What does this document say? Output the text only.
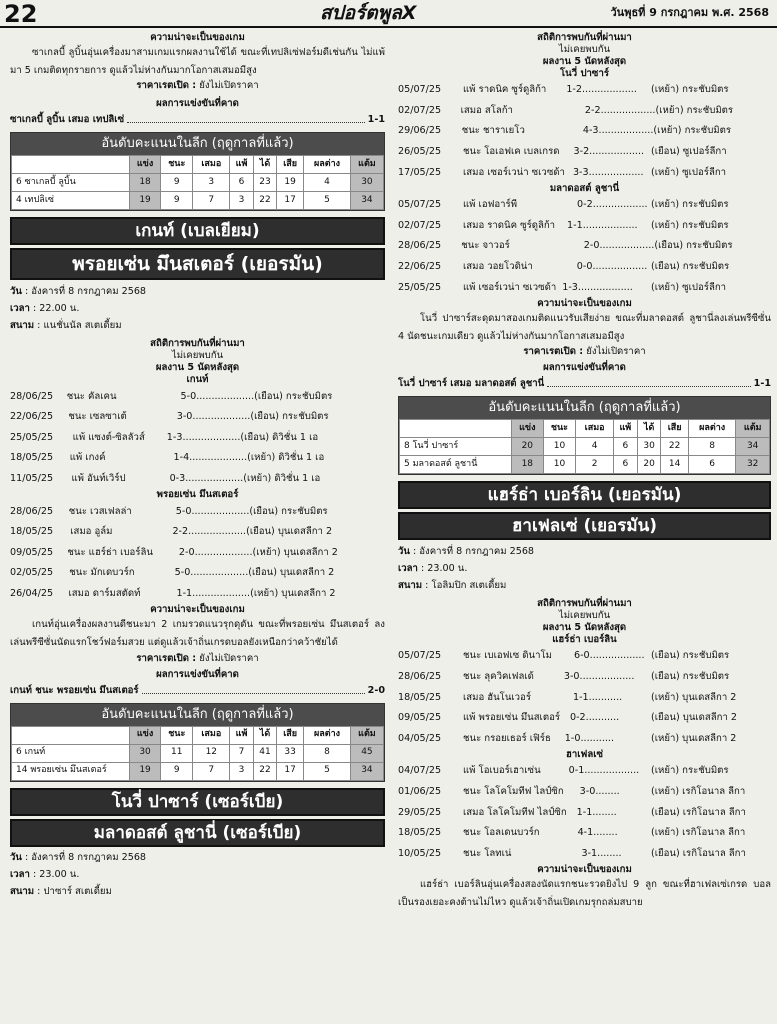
22	สปอร์ตพูลX	วันพุธที่ 9 กรกฎาคม พ.ศ. 2568
ความน่าจะเป็นของเกม
ซาเกลบี้ ลูบิ้นอุ่นเครื่องมาสามเกมแรกผลงานใช้ได้ ขณะที่เทปลิเซ่ฟอร์มดีเช่นกัน ไม่แพ้มา 5 เกมติดทุกรายการ ดูแล้วไม่ห่างกันมากโอกาสเสมอมีสูง
ราคาเรตเปิด : ยังไม่เปิดราคา
ผลการแข่งขันที่คาด
ซาเกลบี้ ลูบิ้น เสมอ เทปลิเซ่	1-1
อันดับคะแนนในลีก (ฤดูกาลที่แล้ว)
	แข่ง	ชนะ	เสมอ	แพ้	ได้	เสีย	ผลต่าง	แต้ม
6 ซาเกลบี้ ลูบิ้น	18	9	3	6	23	19	4	30
4 เทปลิเซ่	19	9	7	3	22	17	5	34
เกนท์ (เบลเยียม)
พรอยเซ่น มึนสเตอร์ (เยอรมัน)
วัน : อังคารที่ 8 กรกฎาคม 2568
เวลา : 22.00 น.
สนาม : แนชั่นนัล สเตเดี้ยม
สถิติการพบกันที่ผ่านมา
ไม่เคยพบกัน
ผลงาน 5 นัดหลังสุด
เกนท์
28/06/25	ชนะ คัลเคน	5-0................... (เยือน) กระชับมิตร
22/06/25	ชนะ เซลซาเต้	3-0................... (เยือน) กระชับมิตร
25/05/25	แพ้ แซงต์-ซิลลัวส์ 1-3................... (เยือน) ดิวิชั่น 1 เอ
18/05/25	แพ้ เกงค์	1-4................... (เหย้า) ดิวิชั่น 1 เอ
11/05/25	แพ้ อันท์เวิร์ป	0-3................... (เหย้า) ดิวิชั่น 1 เอ
พรอยเซ่น มึนสเตอร์
28/06/25	ชนะ เวสเฟลล่า	5-0................... (เยือน) กระชับมิตร
18/05/25	เสมอ อูล์ม	2-2................... (เยือน) บุนเดสลีกา 2
09/05/25	ชนะ แฮร์ธ่า เบอร์ลิน	2-0................... (เหย้า) บุนเดสลีกา 2
02/05/25	ชนะ มักเดบวร์ก	5-0................... (เยือน) บุนเดสลีกา 2
26/04/25	เสมอ ดาร์มสตัดท์	1-1................... (เหย้า) บุนเดสลีกา 2
ความน่าจะเป็นของเกม
เกนท์อุ่นเครื่องผลงานดีชนะมา 2 เกมรวดแนวรุกดุดัน ขณะที่พรอยเซ่น มึนสเตอร์ ลงเล่นพรีซีซั่นนัดแรกโชว์ฟอร์มสวย แต่ดูแล้วเจ้าถิ่นเกรดบอลยังเหนือกว่าคว้าชัยได้
ราคาเรตเปิด : ยังไม่เปิดราคา
ผลการแข่งขันที่คาด
เกนท์ ชนะ พรอยเซ่น มึนสเตอร์	2-0
อันดับคะแนนในลีก (ฤดูกาลที่แล้ว)
	แข่ง	ชนะ	เสมอ	แพ้	ได้	เสีย	ผลต่าง	แต้ม
6 เกนท์	30	11	12	7	41	33	8	45
14 พรอยเซ่น มึนสเตอร์	19	9	7	3	22	17	5	34
โนวี่ ปาซาร์ (เซอร์เบีย)
มลาดอสต์ ลูชานี่ (เซอร์เบีย)
วัน : อังคารที่ 8 กรกฎาคม 2568
เวลา : 23.00 น.
สนาม : ปาซาร์ สเตเดี้ยม
สถิติการพบกันที่ผ่านมา
ไม่เคยพบกัน
ผลงาน 5 นัดหลังสุด
โนวี่ ปาซาร์
05/07/25	แพ้ ราดนิค ซูร์ดูลิก้า 1-2..................	(เหย้า) กระชับมิตร
02/07/25	เสมอ สโลก้า	2-2.................. (เหย้า) กระชับมิตร
29/06/25	ชนะ ชาราเยโว	4-3.................. (เหย้า) กระชับมิตร
26/05/25	ชนะ โอเอฟเค เบลเกรด 3-2.................. (เยือน) ซูเปอร์ลีกา
17/05/25	เสมอ เซอร์เวน่า ซเวซด้า 3-3.................. (เหย้า) ซูเปอร์ลีกา
มลาดอสต์ ลูชานี่
05/07/25	แพ้ เอฟอาร์พี	0-2.................. (เหย้า) กระชับมิตร
02/07/25	เสมอ ราดนิค ซูร์ดูลิก้า 1-1..................	(เหย้า) กระชับมิตร
28/06/25	ชนะ จาวอร์	2-0.................. (เยือน) กระชับมิตร
22/06/25	เสมอ วอยโวดิน่า	0-0.................. (เยือน) กระชับมิตร
25/05/25	แพ้ เซอร์เวน่า ซเวซด้า 1-3..................	(เหย้า) ซูเปอร์ลีกา
ความน่าจะเป็นของเกม
โนวี่ ปาซาร์สะดุดมาสองเกมติดแนวรับเสียง่าย ขณะที่มลาดอสต์ ลูชานี่ลงเล่นพรีซีซั่น 4 นัดชนะเกมเดียว ดูแล้วไม่ห่างกันมากโอกาสเสมอมีสูง
ราคาเรตเปิด : ยังไม่เปิดราคา
ผลการแข่งขันที่คาด
โนวี่ ปาซาร์ เสมอ มลาดอสต์ ลูชานี่	1-1
อันดับคะแนนในลีก (ฤดูกาลที่แล้ว)
	แข่ง	ชนะ	เสมอ	แพ้	ได้	เสีย	ผลต่าง	แต้ม
8 โนวี่ ปาซาร์	20	10	4	6	30	22	8	34
5 มลาดอสต์ ลูชานี่	18	10	2	6	20	14	6	32
แฮร์ธ่า เบอร์ลิน (เยอรมัน)
ฮาเฟลเซ่ (เยอรมัน)
วัน : อังคารที่ 8 กรกฎาคม 2568
เวลา : 23.00 น.
สนาม : โอลิมปิก สเตเดี้ยม
สถิติการพบกันที่ผ่านมา
ไม่เคยพบกัน
ผลงาน 5 นัดหลังสุด
แฮร์ธ่า เบอร์ลิน
05/07/25	ชนะ เบเอฟเซ ดินาโม 6-0.................. (เยือน) กระชับมิตร
28/06/25	ชนะ ลุควิคเฟลเด้	3-0..................	(เยือน) กระชับมิตร
18/05/25	เสมอ ฮันโนเวอร์	1-1...........	(เหย้า) บุนเดสลีกา 2
09/05/25	แพ้ พรอยเซ่น มึนสเตอร์ 0-2...........	(เยือน) บุนเดสลีกา 2
04/05/25	ชนะ กรอยเธอร์ เฟิร์ธ 1-0...........	(เหย้า) บุนเดสลีกา 2
ฮาเฟลเซ่
04/07/25	แพ้ โอเบอร์เฮาเซ่น	0-1..................	(เหย้า) กระชับมิตร
01/06/25	ชนะ โลโคโมทีฟ ไลป์ซิก 3-0........	(เหย้า) เรกิโอนาล ลีกา
29/05/25	เสมอ โลโคโมทีฟ ไลป์ซิก 1-1........	(เยือน) เรกิโอนาล ลีกา
18/05/25	ชนะ โอลเดนบวร์ก	4-1........	(เหย้า) เรกิโอนาล ลีกา
10/05/25	ชนะ โลทเน่	3-1........	(เยือน) เรกิโอนาล ลีกา
ความน่าจะเป็นของเกม
แฮร์ธ่า เบอร์ลินอุ่นเครื่องสองนัดแรกชนะรวดยิงไป 9 ลูก ขณะที่ฮาเฟลเซ่เกรด บอลเป็นรองเยอะคงต้านไม่ไหว ดูแล้วเจ้าถิ่นเปิดเกมรุกถล่มสบาย
